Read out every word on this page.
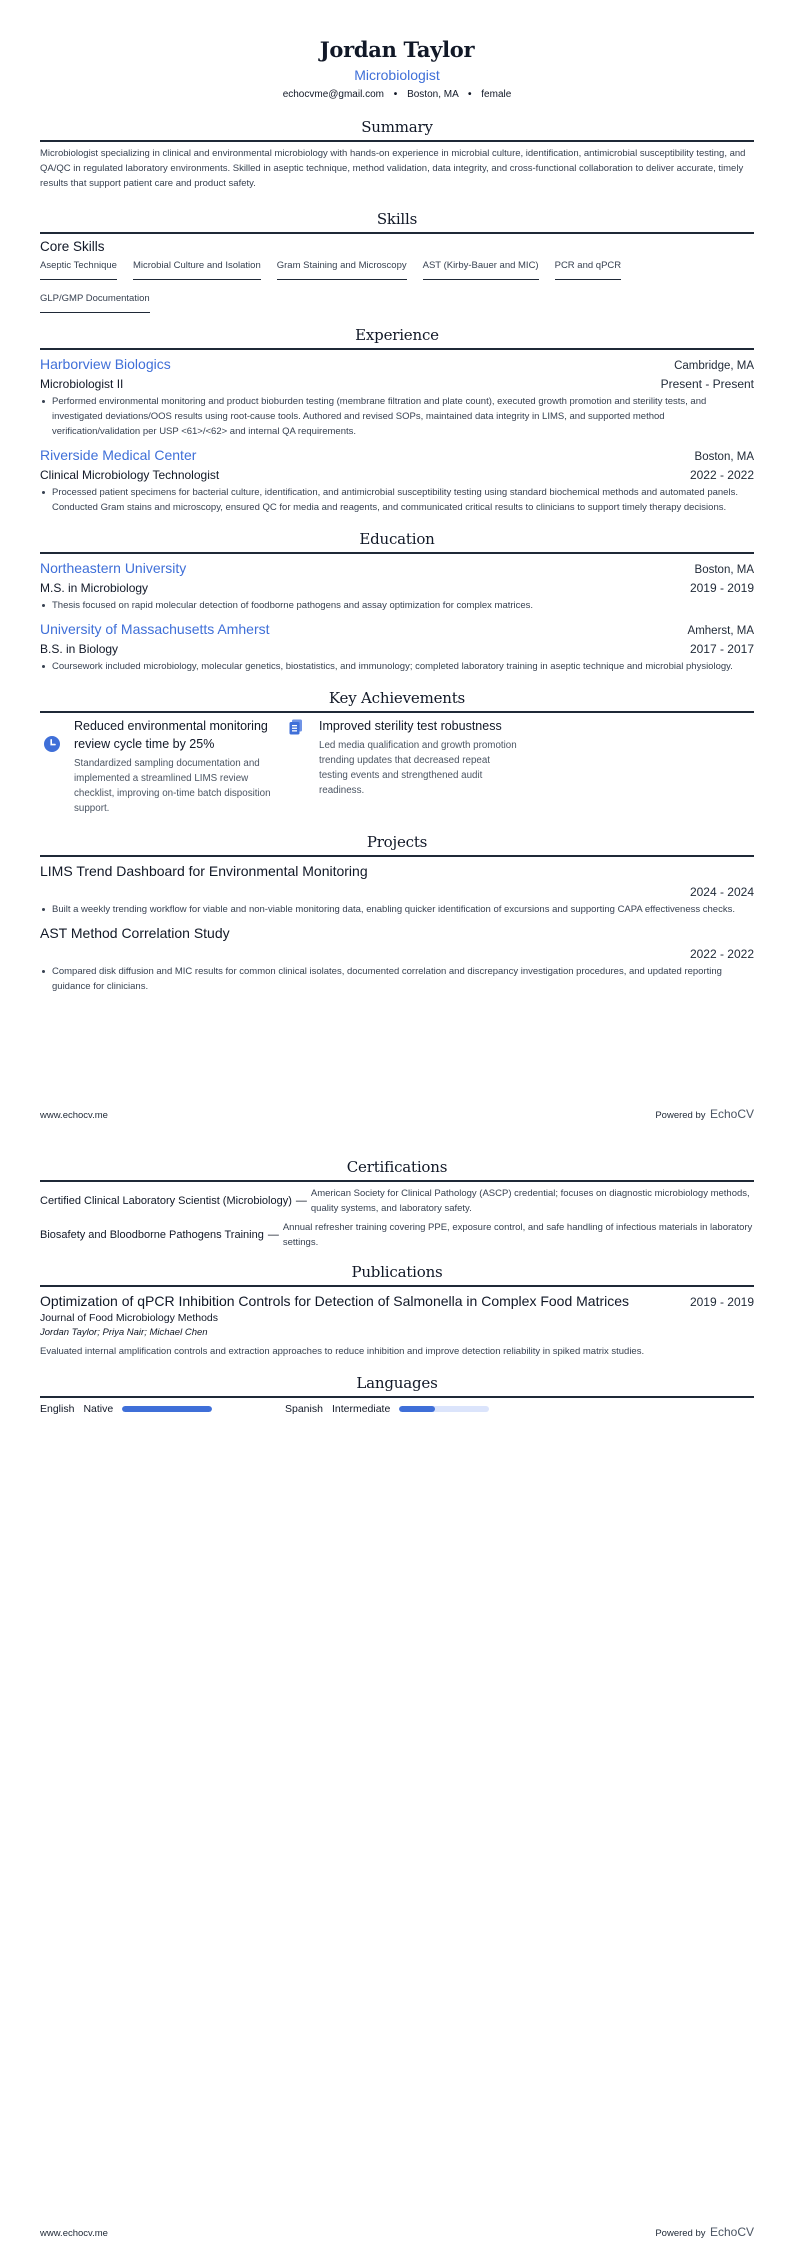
Jordan Taylor
Microbiologist
echocvme@gmail.com • Boston, MA • female
Summary
Microbiologist specializing in clinical and environmental microbiology with hands-on experience in microbial culture, identification, antimicrobial susceptibility testing, and QA/QC in regulated laboratory environments. Skilled in aseptic technique, method validation, data integrity, and cross-functional collaboration to deliver accurate, timely results that support patient care and product safety.
Skills
Core Skills
Aseptic Technique Microbial Culture and Isolation Gram Staining and Microscopy AST (Kirby-Bauer and MIC) PCR and qPCR
GLP/GMP Documentation
Experience
Harborview Biologics	Cambridge, MA
Microbiologist II	Present - Present
Performed environmental monitoring and product bioburden testing (membrane filtration and plate count), executed growth promotion and sterility tests, and investigated deviations/OOS results using root-cause tools. Authored and revised SOPs, maintained data integrity in LIMS, and supported method verification/validation per USP <61>/<62> and internal QA requirements.
Riverside Medical Center	Boston, MA
Clinical Microbiology Technologist	2022 - 2022
Processed patient specimens for bacterial culture, identification, and antimicrobial susceptibility testing using standard biochemical methods and automated panels. Conducted Gram stains and microscopy, ensured QC for media and reagents, and communicated critical results to clinicians to support timely therapy decisions.
Education
Northeastern University	Boston, MA
M.S. in Microbiology	2019 - 2019
Thesis focused on rapid molecular detection of foodborne pathogens and assay optimization for complex matrices.
University of Massachusetts Amherst	Amherst, MA
B.S. in Biology	2017 - 2017
Coursework included microbiology, molecular genetics, biostatistics, and immunology; completed laboratory training in aseptic technique and microbial physiology.
Key Achievements
Reduced environmental monitoring review cycle time by 25%
Standardized sampling documentation and implemented a streamlined LIMS review checklist, improving on-time batch disposition support.
Improved sterility test robustness
Led media qualification and growth promotion trending updates that decreased repeat testing events and strengthened audit readiness.
Projects
LIMS Trend Dashboard for Environmental Monitoring
2024 - 2024
Built a weekly trending workflow for viable and non-viable monitoring data, enabling quicker identification of excursions and supporting CAPA effectiveness checks.
AST Method Correlation Study
2022 - 2022
Compared disk diffusion and MIC results for common clinical isolates, documented correlation and discrepancy investigation procedures, and updated reporting guidance for clinicians.
www.echocv.me	Powered by EchoCV
Certifications
Certified Clinical Laboratory Scientist (Microbiology) —
American Society for Clinical Pathology (ASCP) credential; focuses on diagnostic microbiology methods, quality systems, and laboratory safety.
Biosafety and Bloodborne Pathogens Training —
Annual refresher training covering PPE, exposure control, and safe handling of infectious materials in laboratory settings.
Publications
Optimization of qPCR Inhibition Controls for Detection of Salmonella in Complex Food Matrices	2019 - 2019
Journal of Food Microbiology Methods
Jordan Taylor; Priya Nair; Michael Chen
Evaluated internal amplification controls and extraction approaches to reduce inhibition and improve detection reliability in spiked matrix studies.
Languages
English Native	Spanish Intermediate
www.echocv.me	Powered by EchoCV
